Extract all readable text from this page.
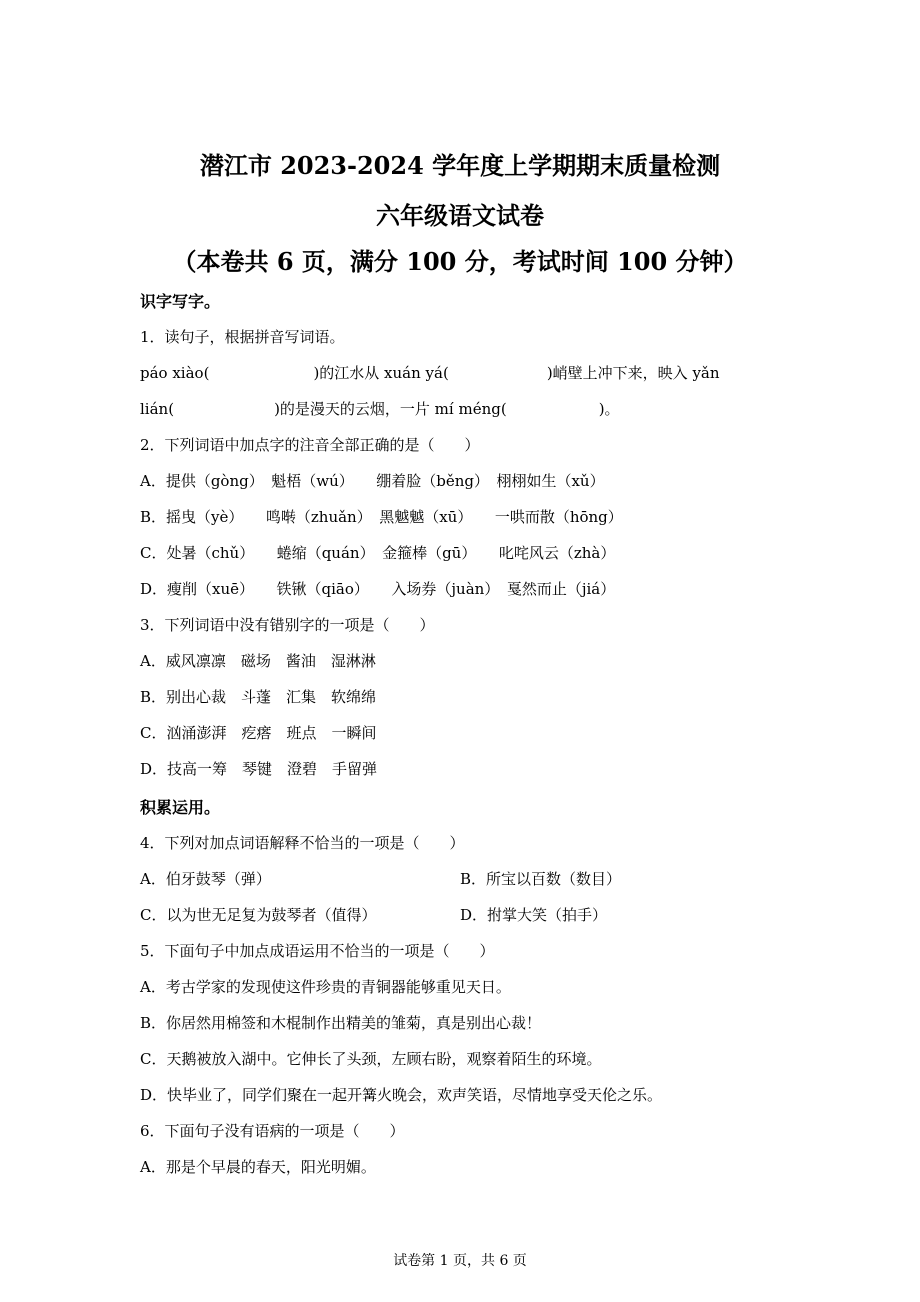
潜江市 2023-2024 学年度上学期期末质量检测
六年级语文试卷
（本卷共 6 页，满分 100 分，考试时间 100 分钟）
识字写字。
1．读句子，根据拼音写词语。
páo xiào(	)的江水从 xuán yá(	)峭壁上冲下来，映入 yǎn
lián(	)的是漫天的云烟，一片 mí méng(	)。
2．下列词语中加点字的注音全部正确的是（　　）
A．提供（gòng）　魁梧（wú）　　绷着脸（běng）　栩栩如生（xǔ）
B．摇曳（yè）　　鸣啭（zhuǎn）　黑魆魆（xū）　　一哄而散（hōng）
C．处暑（chǔ）　　蜷缩（quán）　金箍棒（gū）　　叱咤风云（zhà）
D．瘦削（xuē）　　铁锹（qiāo）　　入场券（juàn）　戛然而止（jiá）
3．下列词语中没有错别字的一项是（　　）
A．威风凛凛　磁场　酱油　湿淋淋
B．别出心裁　斗蓬　汇集　软绵绵
C．汹涌澎湃　疙瘩　班点　一瞬间
D．技高一筹　琴键　澄碧　手留弹
积累运用。
4．下列对加点词语解释不恰当的一项是（　　）
A．伯牙鼓琴（弹）	B．所宝以百数（数目）
C．以为世无足复为鼓琴者（值得）	D．拊掌大笑（拍手）
5．下面句子中加点成语运用不恰当的一项是（　　）
A．考古学家的发现使这件珍贵的青铜器能够重见天日。
B．你居然用棉签和木棍制作出精美的雏菊，真是别出心裁！
C．天鹅被放入湖中。它伸长了头颈，左顾右盼，观察着陌生的环境。
D．快毕业了，同学们聚在一起开篝火晚会，欢声笑语，尽情地享受天伦之乐。
6．下面句子没有语病的一项是（　　）
A．那是个早晨的春天，阳光明媚。
试卷第 1 页，共 6 页
